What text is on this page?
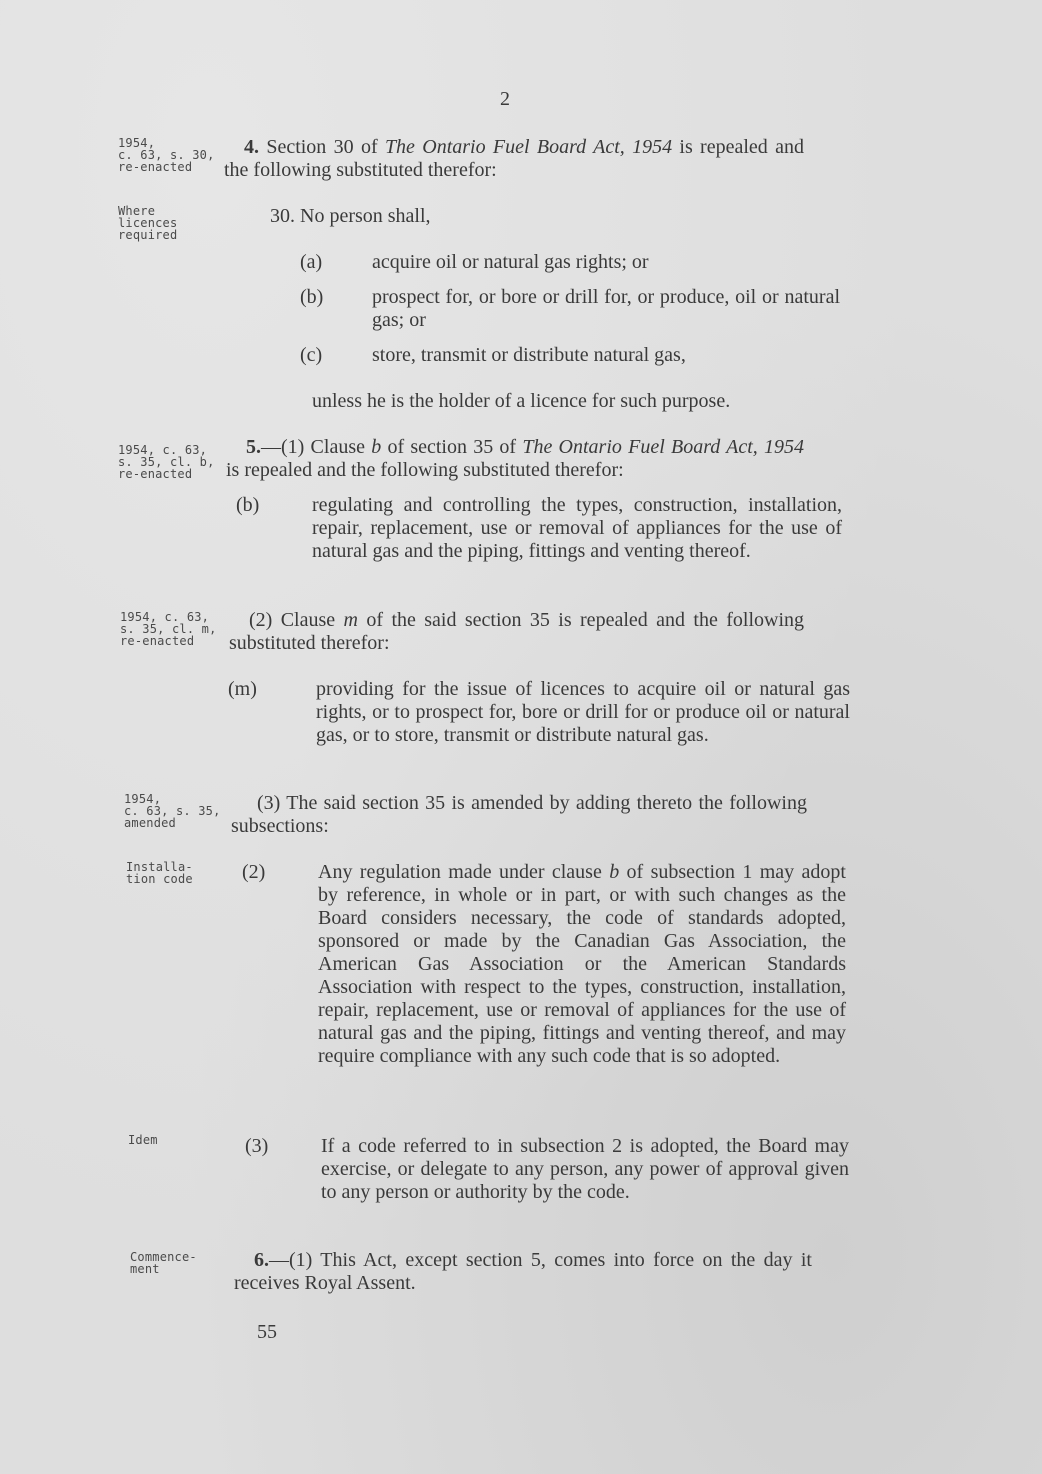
2
1954,
c. 63, s. 30,
re-enacted
Where
licences
required
1954, c. 63,
s. 35, cl. b,
re-enacted
1954, c. 63,
s. 35, cl. m,
re-enacted
1954,
c. 63, s. 35,
amended
Installa-
tion code
Idem
Commence-
ment
4. Section 30 of The Ontario Fuel Board Act, 1954 is repealed and the following substituted therefor:
30. No person shall,
(a) acquire oil or natural gas rights; or
(b) prospect for, or bore or drill for, or produce, oil or natural gas; or
(c) store, transmit or distribute natural gas,
unless he is the holder of a licence for such purpose.
5.—(1) Clause b of section 35 of The Ontario Fuel Board Act, 1954 is repealed and the following substituted therefor:
(b)	regulating and controlling the types, construction, installation, repair, replacement, use or removal of appliances for the use of natural gas and the piping, fittings and venting thereof.
(2) Clause m of the said section 35 is repealed and the following substituted therefor:
(m)	providing for the issue of licences to acquire oil or natural gas rights, or to prospect for, bore or drill for or produce oil or natural gas, or to store, transmit or distribute natural gas.
(3) The said section 35 is amended by adding thereto the following subsections:
(2)	Any regulation made under clause b of subsection 1 may adopt by reference, in whole or in part, or with such changes as the Board considers necessary, the code of standards adopted, sponsored or made by the Canadian Gas Association, the American Gas Association or the American Standards Association with respect to the types, construction, installation, repair, replacement, use or removal of appliances for the use of natural gas and the piping, fittings and venting thereof, and may require compliance with any such code that is so adopted.
(3)	If a code referred to in subsection 2 is adopted, the Board may exercise, or delegate to any person, any power of approval given to any person or authority by the code.
6.—(1) This Act, except section 5, comes into force on the day it receives Royal Assent.
55
